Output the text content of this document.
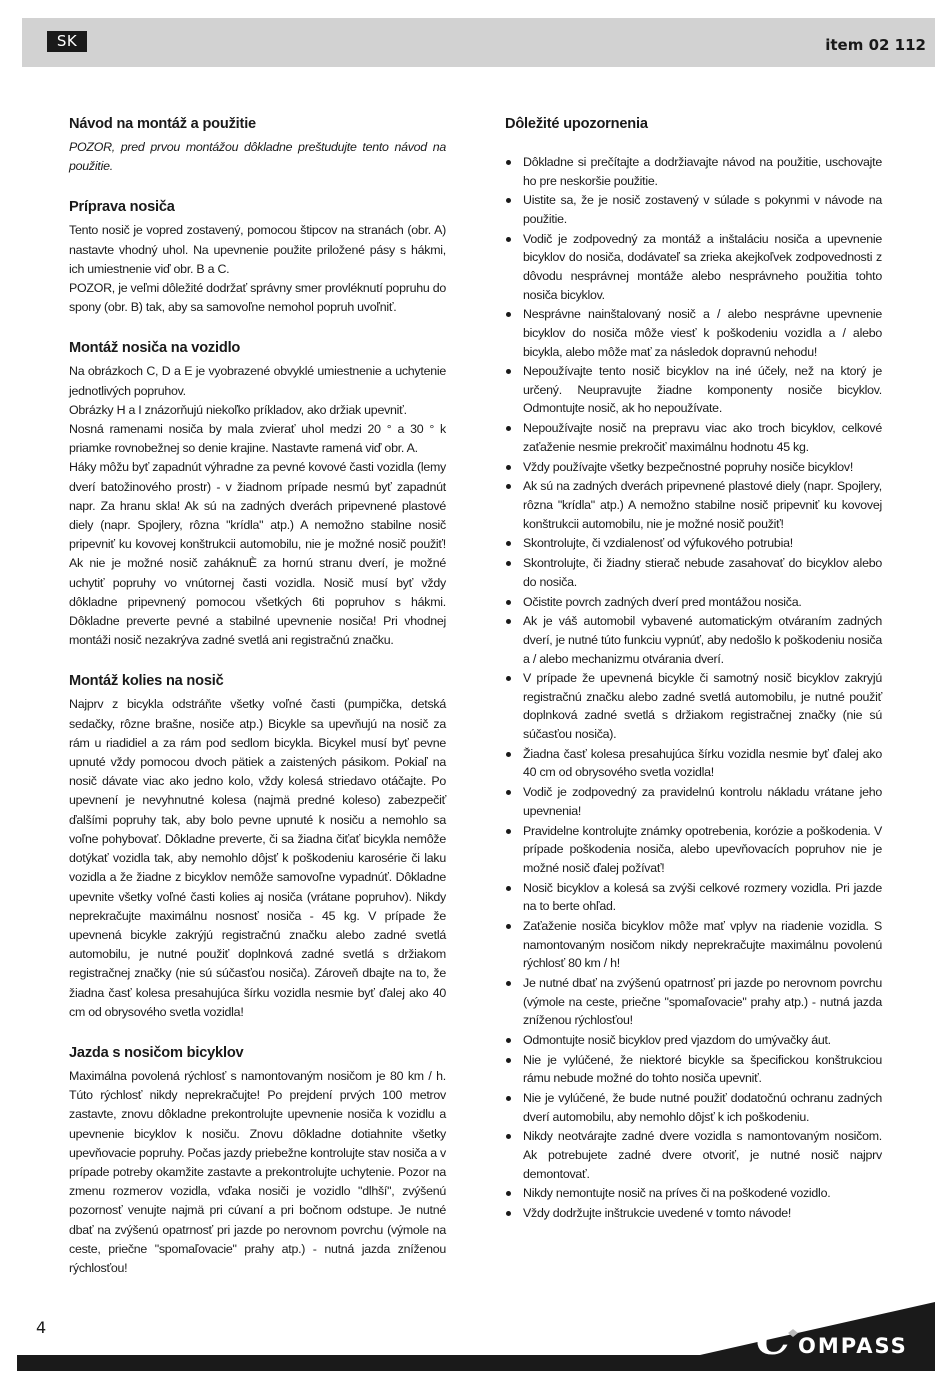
SK	item 02 112
Návod na montáž a použitie

POZOR, pred prvou montážou dôkladne preštudujte tento návod na použitie.

Príprava nosiča

Tento nosič je vopred zostavený, pomocou štipcov na stranách (obr. A) nastavte vhodný uhol. Na upevnenie použite priložené pásy s hákmi, ich umiestnenie viď obr. B a C.

POZOR, je veľmi dôležité dodržať správny smer provléknutí popruhu do spony (obr. B) tak, aby sa samovoľne nemohol popruh uvoľniť.

Montáž nosiča na vozidlo

Na obrázkoch C, D a E je vyobrazené obvyklé umiestnenie a uchytenie jednotlivých popruhov.

Obrázky H a I znázorňujú niekoľko príkladov, ako držiak upevniť.

Nosná ramenami nosiča by mala zvierať uhol medzi 20 ° a 30 ° k priamke rovnobežnej so denie krajine. Nastavte ramená viď obr. A.

Háky môžu byť zapadnút výhradne za pevné kovové časti vozidla (lemy dverí batožinového prostr) - v žiadnom prípade nesmú byť zapadnút napr. Za hranu skla! Ak sú na zadných dverách pripevnené plastové diely (napr. Spojlery, rôzna "krídla" atp.) A nemožno stabilne nosič pripevniť ku kovovej konštrukcii automobilu, nie je možné nosič použiť! Ak nie je možné nosič zaháknuÈ za hornú stranu dverí, je možné uchytiť popruhy vo vnútornej časti vozidla. Nosič musí byť vždy dôkladne pripevnený pomocou všetkých 6ti popruhov s hákmi. Dôkladne preverte pevné a stabilné upevnenie nosiča! Pri vhodnej montáži nosič nezakrýva zadné svetlá ani registračnú značku.

Montáž kolies na nosič

Najprv z bicykla odstráňte všetky voľné časti (pumpička, detská sedačky, rôzne brašne, nosiče atp.) Bicykle sa upevňujú na nosič za rám u riadidiel a za rám pod sedlom bicykla. Bicykel musí byť pevne upnuté vždy pomocou dvoch pätiek a zaistených pásikom. Pokiaľ na nosič dávate viac ako jedno kolo, vždy kolesá striedavo otáčajte. Po upevnení je nevyhnutné kolesa (najmä predné koleso) zabezpečiť ďalšími popruhy tak, aby bolo pevne upnuté k nosiču a nemohlo sa voľne pohybovať. Dôkladne preverte, či sa žiadna čiťať bicykla nemôže dotýkať vozidla tak, aby nemohlo dôjsť k poškodeniu karosérie či laku vozidla a že žiadne z bicyklov nemôže samovoľne vypadnúť. Dôkladne upevnite všetky voľné časti kolies aj nosiča (vrátane popruhov). Nikdy neprekračujte maximálnu nosnosť nosiča - 45 kg. V prípade že upevnená bicykle zakrýjú registračnú značku alebo zadné svetlá automobilu, je nutné použiť doplnková zadné svetlá s držiakom registračnej značky (nie sú súčasťou nosiča). Zároveň dbajte na to, že žiadna časť kolesa presahujúca šírku vozidla nesmie byť ďalej ako 40 cm od obrysového svetla vozidla!

Jazda s nosičom bicyklov

Maximálna povolená rýchlosť s namontovaným nosičom je 80 km / h. Túto rýchlosť nikdy neprekračujte! Po prejdení prvých 100 metrov zastavte, znovu dôkladne prekontrolujte upevnenie nosiča k vozidlu a upevnenie bicyklov k nosiču. Znovu dôkladne dotiahnite všetky upevňovacie popruhy. Počas jazdy priebežne kontrolujte stav nosiča a v prípade potreby okamžite zastavte a prekontrolujte uchytenie. Pozor na zmenu rozmerov vozidla, vďaka nosiči je vozidlo "dlhší", zvýšenú pozornosť venujte najmä pri cúvaní a pri bočnom odstupe. Je nutné dbať na zvýšenú opatrnosť pri jazde po nerovnom povrchu (výmole na ceste, priečne "spomaľovacie" prahy atp.) - nutná jazda zníženou rýchlosťou!

Dôležité upozornenia
Dôkladne si prečítajte a dodržiavajte návod na použitie, uschovajte ho pre neskoršie použitie.
Uistite sa, že je nosič zostavený v súlade s pokynmi v návode na použitie.
Vodič je zodpovedný za montáž a inštaláciu nosiča a upevnenie bicyklov do nosiča, dodávateľ sa zrieka akejkoľvek zodpovednosti z dôvodu nesprávnej montáže alebo nesprávneho použitia tohto nosiča bicyklov.
Nesprávne nainštalovaný nosič a / alebo nesprávne upevnenie bicyklov do nosiča môže viesť k poškodeniu vozidla a / alebo bicykla, alebo môže mať za následok dopravnú nehodu!
Nepoužívajte tento nosič bicyklov na iné účely, než na ktorý je určený. Neupravujte žiadne komponenty nosiče bicyklov. Odmontujte nosič, ak ho nepoužívate.
Nepoužívajte nosič na prepravu viac ako troch bicyklov, celkové zaťaženie nesmie prekročiť maximálnu hodnotu 45 kg.
Vždy používajte všetky bezpečnostné popruhy nosiče bicyklov!
Ak sú na zadných dverách pripevnené plastové diely (napr. Spojlery, rôzna "krídla" atp.) A nemožno stabilne nosič pripevniť ku kovovej konštrukcii automobilu, nie je možné nosič použiť!
Skontrolujte, či vzdialenosť od výfukového potrubia!
Skontrolujte, či žiadny stierač nebude zasahovať do bicyklov alebo do nosiča.
Očistite povrch zadných dverí pred montážou nosiča.
Ak je váš automobil vybavené automatickým otváraním zadných dverí, je nutné túto funkciu vypnúť, aby nedošlo k poškodeniu nosiča a / alebo mechanizmu otvárania dverí.
V prípade že upevnená bicykle či samotný nosič bicyklov zakryjú registračnú značku alebo zadné svetlá automobilu, je nutné použiť doplnková zadné svetlá s držiakom registračnej značky (nie sú súčasťou nosiča).
Žiadna časť kolesa presahujúca šírku vozidla nesmie byť ďalej ako 40 cm od obrysového svetla vozidla!
Vodič je zodpovedný za pravidelnú kontrolu nákladu vrátane jeho upevnenia!
Pravidelne kontrolujte známky opotrebenia, korózie a poškodenia. V prípade poškodenia nosiča, alebo upevňovacích popruhov nie je možné nosič ďalej požívať!
Nosič bicyklov a kolesá sa zvýši celkové rozmery vozidla. Pri jazde na to berte ohľad.
Zaťaženie nosiča bicyklov môže mať vplyv na riadenie vozidla. S namontovaným nosičom nikdy neprekračujte maximálnu povolenú rýchlosť 80 km / h!
Je nutné dbať na zvýšenú opatrnosť pri jazde po nerovnom povrchu (výmole na ceste, priečne "spomaľovacie" prahy atp.) - nutná jazda zníženou rýchlosťou!
Odmontujte nosič bicyklov pred vjazdom do umývačky áut.
Nie je vylúčené, že niektoré bicykle sa špecifickou konštrukciou rámu nebude možné do tohto nosiča upevniť.
Nie je vylúčené, že bude nutné použiť dodatočnú ochranu zadných dverí automobilu, aby nemohlo dôjsť k ich poškodeniu.
Nikdy neotvárajte zadné dvere vozidla s namontovaným nosičom. Ak potrebujete zadné dvere otvoriť, je nutné nosič najprv demontovať.
Nikdy nemontujte nosič na príves či na poškodené vozidlo.
Vždy dodržujte inštrukcie uvedené v tomto návode!
4	C OMPASS
